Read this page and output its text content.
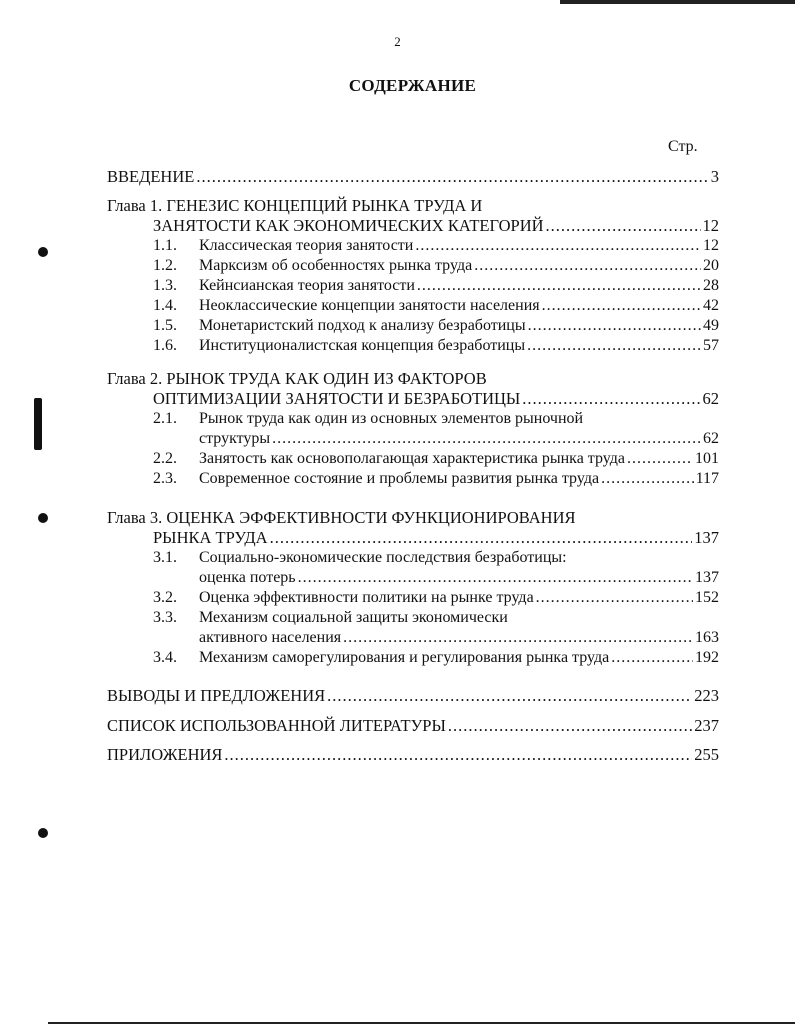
2
СОДЕРЖАНИЕ
Стр.
ВВЕДЕНИЕ .....	3
Глава 1. ГЕНЕЗИС КОНЦЕПЦИЙ РЫНКА ТРУДА И
ЗАНЯТОСТИ КАК ЭКОНОМИЧЕСКИХ КАТЕГОРИЙ .....	12
1.1.	Классическая теория занятости .....	12
1.2.	Марксизм об особенностях рынка труда .....	20
1.3.	Кейнсианская теория занятости .....	28
1.4.	Неоклассические концепции занятости населения .....	42
1.5.	Монетаристский подход к анализу безработицы .....	49
1.6.	Институционалистская концепция безработицы .....	57
Глава 2. РЫНОК ТРУДА КАК ОДИН ИЗ ФАКТОРОВ
ОПТИМИЗАЦИИ ЗАНЯТОСТИ И БЕЗРАБОТИЦЫ .....	62
2.1. Рынок труда как один из основных элементов рыночной
структуры .....	62
2.2.	Занятость как основополагающая характеристика рынка труда .....	101
2.3.	Современное состояние и проблемы развития рынка труда .....	117
Глава 3. ОЦЕНКА ЭФФЕКТИВНОСТИ ФУНКЦИОНИРОВАНИЯ
РЫНКА ТРУДА .....	137
3.1. Социально-экономические последствия безработицы:
оценка потерь .....	137
3.2.	Оценка эффективности политики на рынке труда .....	152
3.3. Механизм социальной защиты экономически
активного населения .....	163
3.4.	Механизм саморегулирования и регулирования рынка труда .....	192
ВЫВОДЫ И ПРЕДЛОЖЕНИЯ .....	223
СПИСОК ИСПОЛЬЗОВАННОЙ ЛИТЕРАТУРЫ .....	237
ПРИЛОЖЕНИЯ .....	255
